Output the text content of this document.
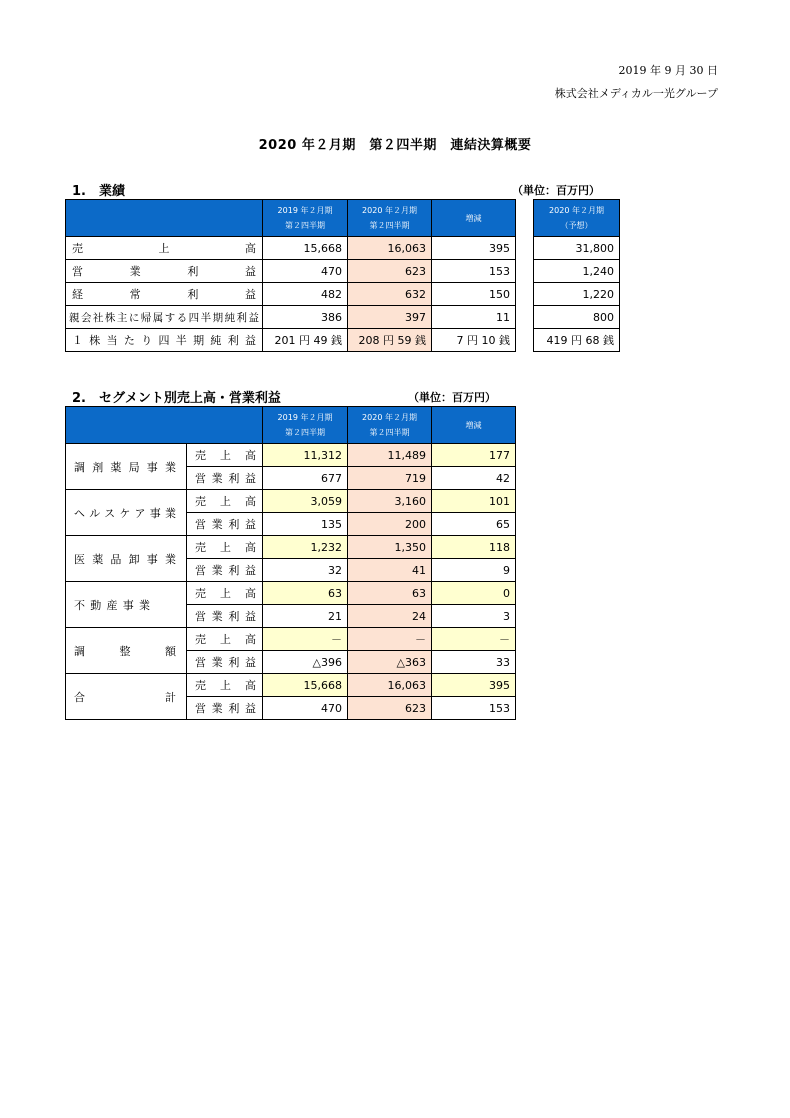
2019 年 9 月 30 日
株式会社メディカル一光グループ
2020 年２月期　第２四半期　連結決算概要
1.　業績	（単位：百万円）
	2019 年２月期
第２四半期	2020 年２月期
第２四半期	増減		2020 年２月期
（予想）
売　　　　上　　　　高	15,668	16,063	395		31,800
営　　　業　　　利　　　益	470	623	153		1,240
経　　　常　　　利　　　益	482	632	150		1,220
親会社株主に帰属する四半期純利益	386	397	11		800
１株当たり四半期純利益	201 円 49 銭	208 円 59 銭	7 円 10 銭		419 円 68 銭
2.　セグメント別売上高・営業利益	（単位：百万円）
		2019 年２月期
第２四半期	2020 年２月期
第２四半期	増減
調剤薬局事業	売　上　高	11,312	11,489	177
	営業利益	677	719	42
ヘルスケア事業	売　上　高	3,059	3,160	101
	営業利益	135	200	65
医薬品卸事業	売　上　高	1,232	1,350	118
	営業利益	32	41	9
不動産事業	売　上　高	63	63	0
	営業利益	21	24	3
調　　整　　額	売　上　高	－	－	－
	営業利益	△396	△363	33
合　　　　　計	売　上　高	15,668	16,063	395
	営業利益	470	623	153
